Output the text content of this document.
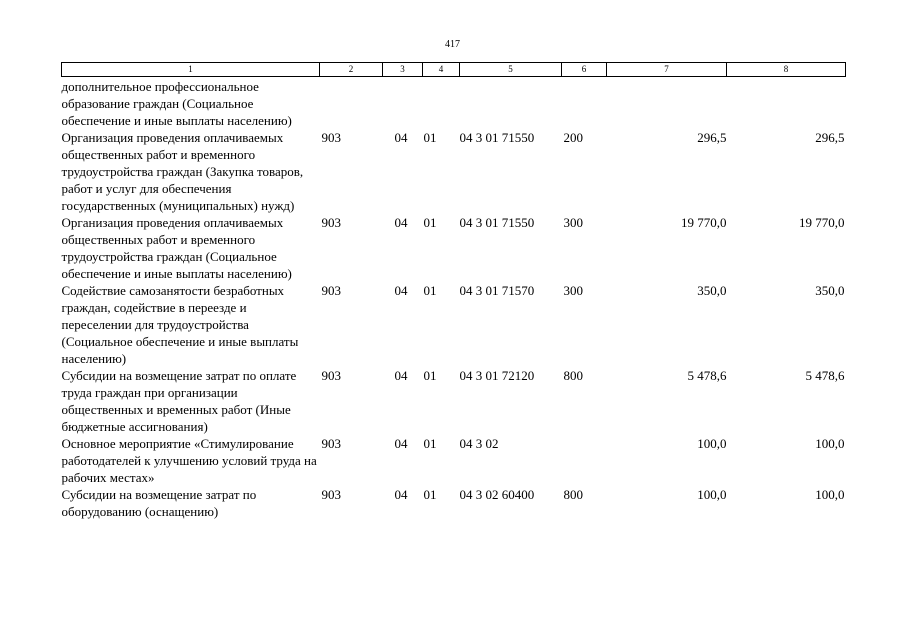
417
1	2	3	4	5	6	7	8
дополнительное профессиональное образование граждан (Социальное обеспечение и иные выплаты населению)							
Организация проведения оплачиваемых общественных работ и временного трудоустройства граждан (Закупка товаров, работ и услуг для обеспечения государственных (муниципальных) нужд)	903	04	01	04 3 01 71550	200	296,5	296,5
Организация проведения оплачиваемых общественных работ и временного трудоустройства граждан (Социальное обеспечение и иные выплаты населению)	903	04	01	04 3 01 71550	300	19 770,0	19 770,0
Содействие самозанятости безработных граждан, содействие в переезде и переселении для трудоустройства (Социальное обеспечение и иные выплаты населению)	903	04	01	04 3 01 71570	300	350,0	350,0
Субсидии на возмещение затрат по оплате труда граждан при организации общественных и временных работ (Иные бюджетные ассигнования)	903	04	01	04 3 01 72120	800	5 478,6	5 478,6
Основное мероприятие «Стимулирование работодателей к улучшению условий труда на рабочих местах»	903	04	01	04 3 02		100,0	100,0
Субсидии на возмещение затрат по оборудованию (оснащению)	903	04	01	04 3 02 60400	800	100,0	100,0
